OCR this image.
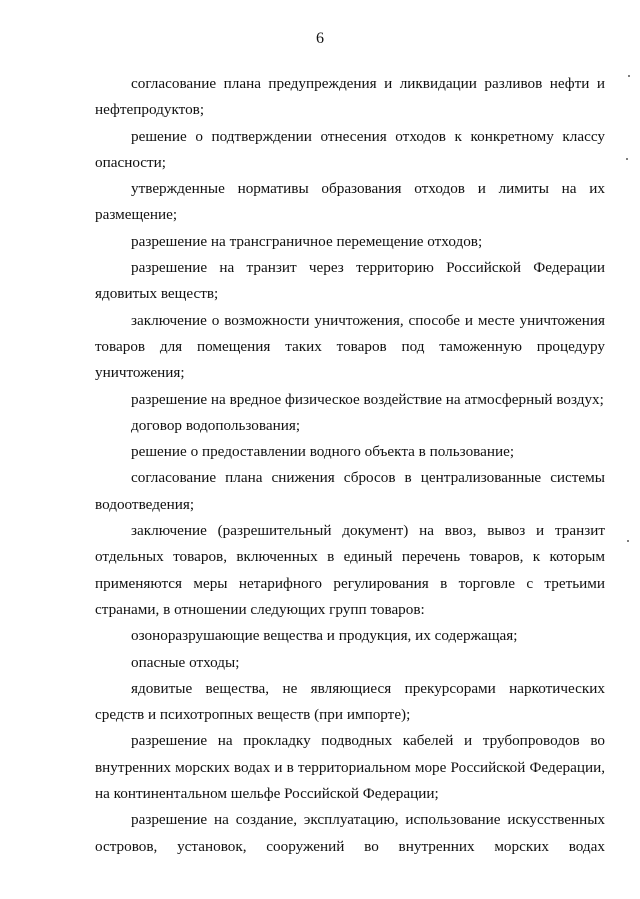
6

согласование плана предупреждения и ликвидации разливов нефти и нефтепродуктов;

решение о подтверждении отнесения отходов к конкретному классу опасности;

утвержденные нормативы образования отходов и лимиты на их размещение;

разрешение на трансграничное перемещение отходов;

разрешение на транзит через территорию Российской Федерации ядовитых веществ;

заключение о возможности уничтожения, способе и месте уничтожения товаров для помещения таких товаров под таможенную процедуру уничтожения;

разрешение на вредное физическое воздействие на атмосферный воздух;

договор водопользования;

решение о предоставлении водного объекта в пользование;

согласование плана снижения сбросов в централизованные системы водоотведения;

заключение (разрешительный документ) на ввоз, вывоз и транзит отдельных товаров, включенных в единый перечень товаров, к которым применяются меры нетарифного регулирования в торговле с третьими странами, в отношении следующих групп товаров:

озоноразрушающие вещества и продукция, их содержащая;

опасные отходы;

ядовитые вещества, не являющиеся прекурсорами наркотических средств и психотропных веществ (при импорте);

разрешение на прокладку подводных кабелей и трубопроводов во внутренних морских водах и в территориальном море Российской Федерации, на континентальном шельфе Российской Федерации;

разрешение на создание, эксплуатацию, использование искусственных островов, установок, сооружений во внутренних морских водах
